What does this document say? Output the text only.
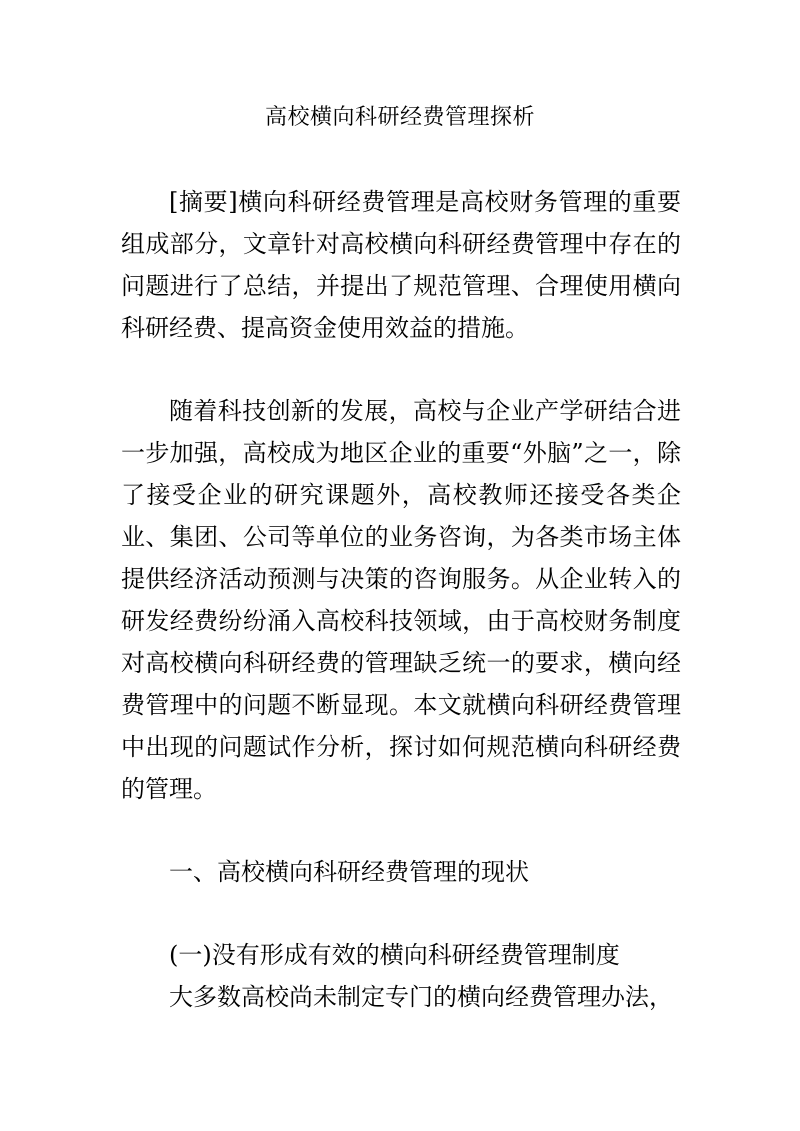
高校横向科研经费管理探析

[摘要]横向科研经费管理是高校财务管理的重要组成部分，文章针对高校横向科研经费管理中存在的问题进行了总结，并提出了规范管理、合理使用横向科研经费、提高资金使用效益的措施。

随着科技创新的发展，高校与企业产学研结合进一步加强，高校成为地区企业的重要“外脑”之一，除了接受企业的研究课题外，高校教师还接受各类企业、集团、公司等单位的业务咨询，为各类市场主体提供经济活动预测与决策的咨询服务。从企业转入的研发经费纷纷涌入高校科技领域，由于高校财务制度对高校横向科研经费的管理缺乏统一的要求，横向经费管理中的问题不断显现。本文就横向科研经费管理中出现的问题试作分析，探讨如何规范横向科研经费的管理。

一、高校横向科研经费管理的现状
(一)没有形成有效的横向科研经费管理制度
大多数高校尚未制定专门的横向经费管理办法，
